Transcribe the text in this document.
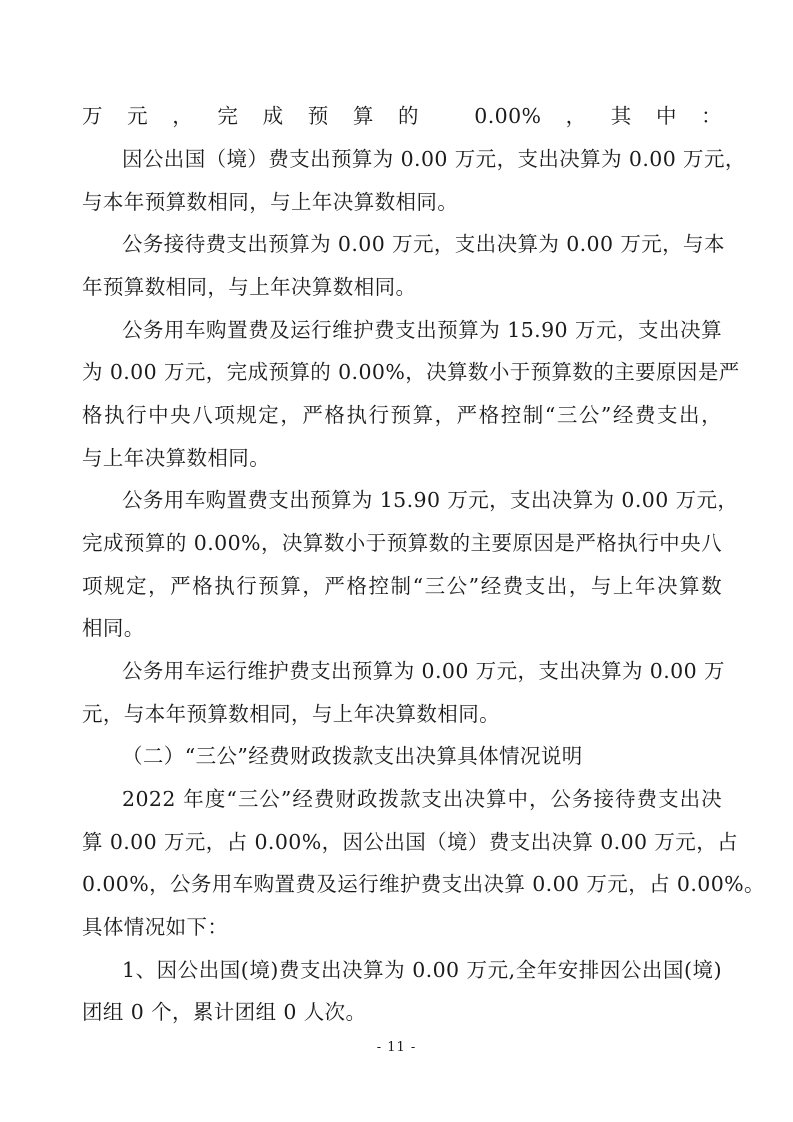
万元，完成预算的 0.00%，其中：
因公出国（境）费支出预算为 0.00 万元，支出决算为 0.00 万元，
与本年预算数相同，与上年决算数相同。
公务接待费支出预算为 0.00 万元，支出决算为 0.00 万元，与本
年预算数相同，与上年决算数相同。
公务用车购置费及运行维护费支出预算为 15.90 万元，支出决算
为 0.00 万元，完成预算的 0.00%，决算数小于预算数的主要原因是严
格执行中央八项规定，严格执行预算，严格控制“三公”经费支出，
与上年决算数相同。
公务用车购置费支出预算为 15.90 万元，支出决算为 0.00 万元，
完成预算的 0.00%，决算数小于预算数的主要原因是严格执行中央八
项规定，严格执行预算，严格控制“三公”经费支出，与上年决算数
相同。
公务用车运行维护费支出预算为 0.00 万元，支出决算为 0.00 万
元，与本年预算数相同，与上年决算数相同。
（二）“三公”经费财政拨款支出决算具体情况说明
2022 年度“三公”经费财政拨款支出决算中，公务接待费支出决
算 0.00 万元，占 0.00%，因公出国（境）费支出决算 0.00 万元，占
0.00%，公务用车购置费及运行维护费支出决算 0.00 万元，占 0.00%。
具体情况如下：
1、因公出国(境)费支出决算为 0.00 万元,全年安排因公出国(境)
团组 0 个，累计团组 0 人次。
- 11 -
